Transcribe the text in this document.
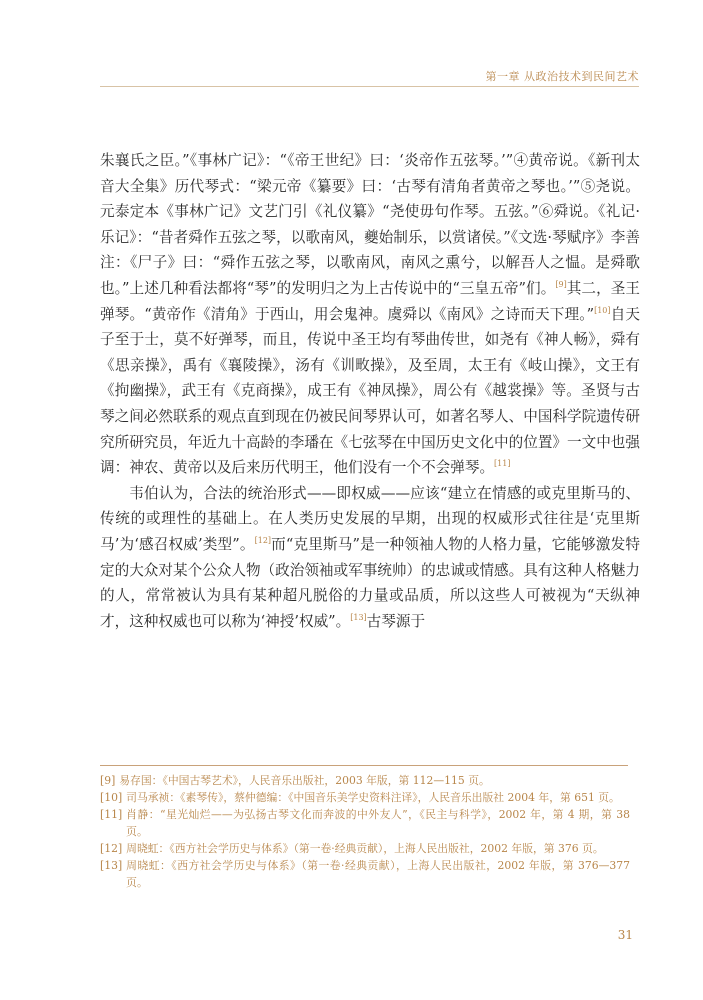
第一章 从政治技术到民间艺术

朱襄氏之臣。”《事林广记》：“《帝王世纪》曰：‘炎帝作五弦琴。’”④黄帝说。《新刊太音大全集》历代琴式：“梁元帝《纂要》曰：‘古琴有清角者黄帝之琴也。’”⑤尧说。元泰定本《事林广记》文艺门引《礼仪纂》“尧使毋句作琴。五弦。”⑥舜说。《礼记·乐记》：“昔者舜作五弦之琴，以歌南风，夔始制乐，以赏诸侯。”《文选·琴赋序》李善注：《尸子》曰：“舜作五弦之琴，以歌南风，南风之熏兮，以解吾人之愠。是舜歌也。”上述几种看法都将“琴”的发明归之为上古传说中的“三皇五帝”们。[9]其二，圣王弹琴。“黄帝作《清角》于西山，用会鬼神。虞舜以《南风》之诗而天下理。”[10]自天子至于士，莫不好弹琴，而且，传说中圣王均有琴曲传世，如尧有《神人畅》，舜有《思亲操》，禹有《襄陵操》，汤有《训畋操》，及至周，太王有《岐山操》，文王有《拘幽操》，武王有《克商操》，成王有《神凤操》，周公有《越裳操》等。圣贤与古琴之间必然联系的观点直到现在仍被民间琴界认可，如著名琴人、中国科学院遗传研究所研究员，年近九十高龄的李璠在《七弦琴在中国历史文化中的位置》一文中也强调：神农、黄帝以及后来历代明王，他们没有一个不会弹琴。[11]

韦伯认为，合法的统治形式——即权威——应该“建立在情感的或克里斯马的、传统的或理性的基础上。在人类历史发展的早期，出现的权威形式往往是‘克里斯马’为‘感召权威’类型”。[12]而“克里斯马”是一种领袖人物的人格力量，它能够激发特定的大众对某个公众人物（政治领袖或军事统帅）的忠诚或情感。具有这种人格魅力的人，常常被认为具有某种超凡脱俗的力量或品质，所以这些人可被视为“天纵神才，这种权威也可以称为‘神授’权威”。[13]古琴源于

[9] 易存国：《中国古琴艺术》，人民音乐出版社，2003 年版，第 112—115 页。
[10] 司马承祯：《素琴传》，蔡仲德编：《中国音乐美学史资料注译》，人民音乐出版社 2004 年，第 651 页。
[11] 肖静：“星光灿烂——为弘扬古琴文化而奔波的中外友人”，《民主与科学》，2002 年，第 4 期，第 38 页。
[12] 周晓虹：《西方社会学历史与体系》（第一卷·经典贡献），上海人民出版社，2002 年版，第 376 页。
[13] 周晓虹：《西方社会学历史与体系》（第一卷·经典贡献），上海人民出版社，2002 年版，第 376—377 页。
31
